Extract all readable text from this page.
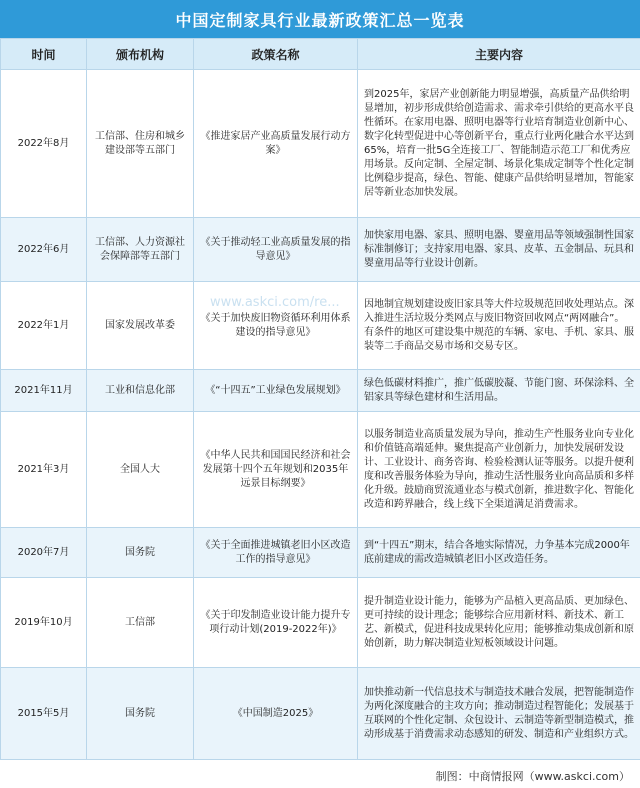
中国定制家具行业最新政策汇总一览表
时间	颁布机构	政策名称	主要内容
2022年8月	工信部、住房和城乡建设部等五部门	《推进家居产业高质量发展行动方案》	到2025年，家居产业创新能力明显增强，高质量产品供给明显增加，初步形成供给创造需求、需求牵引供给的更高水平良性循环。在家用电器、照明电器等行业培育制造业创新中心、数字化转型促进中心等创新平台，重点行业两化融合水平达到65%，培育一批5G全连接工厂、智能制造示范工厂和优秀应用场景。反向定制、全屋定制、场景化集成定制等个性化定制比例稳步提高，绿色、智能、健康产品供给明显增加，智能家居等新业态加快发展。
2022年6月	工信部、人力资源社会保障部等五部门	《关于推动轻工业高质量发展的指导意见》	加快家用电器、家具、照明电器、婴童用品等领域强制性国家标准制修订；支持家用电器、家具、皮革、五金制品、玩具和婴童用品等行业设计创新。
2022年1月	国家发展改革委	《关于加快废旧物资循环利用体系建设的指导意见》	因地制宜规划建设废旧家具等大件垃圾规范回收处理站点。深入推进生活垃圾分类网点与废旧物资回收网点“两网融合”。有条件的地区可建设集中规范的车辆、家电、手机、家具、服装等二手商品交易市场和交易专区。
2021年11月	工业和信息化部	《“十四五”工业绿色发展规划》	绿色低碳材料推广，推广低碳胶凝、节能门窗、环保涂料、全铝家具等绿色建材和生活用品。
2021年3月	全国人大	《中华人民共和国国民经济和社会发展第十四个五年规划和2035年远景目标纲要》	以服务制造业高质量发展为导向，推动生产性服务业向专业化和价值链高端延伸。聚焦提高产业创新力，加快发展研发设计、工业设计、商务咨询、检验检测认证等服务。以提升便利度和改善服务体验为导向，推动生活性服务业向高品质和多样化升级。鼓励商贸流通业态与模式创新，推进数字化、智能化改造和跨界融合，线上线下全渠道满足消费需求。
2020年7月	国务院	《关于全面推进城镇老旧小区改造工作的指导意见》	到“十四五”期末，结合各地实际情况，力争基本完成2000年底前建成的需改造城镇老旧小区改造任务。
2019年10月	工信部	《关于印发制造业设计能力提升专项行动计划(2019-2022年)》	提升制造业设计能力，能够为产品植入更高品质、更加绿色、更可持续的设计理念；能够综合应用新材料、新技术、新工艺、新模式，促进科技成果转化应用；能够推动集成创新和原始创新，助力解决制造业短板领域设计问题。
2015年5月	国务院	《中国制造2025》	加快推动新一代信息技术与制造技术融合发展，把智能制造作为两化深度融合的主攻方向；推动制造过程智能化；发展基于互联网的个性化定制、众包设计、云制造等新型制造模式，推动形成基于消费需求动态感知的研发、制造和产业组织方式。
www.askci.com/re...
制图：中商情报网（www.askci.com）
